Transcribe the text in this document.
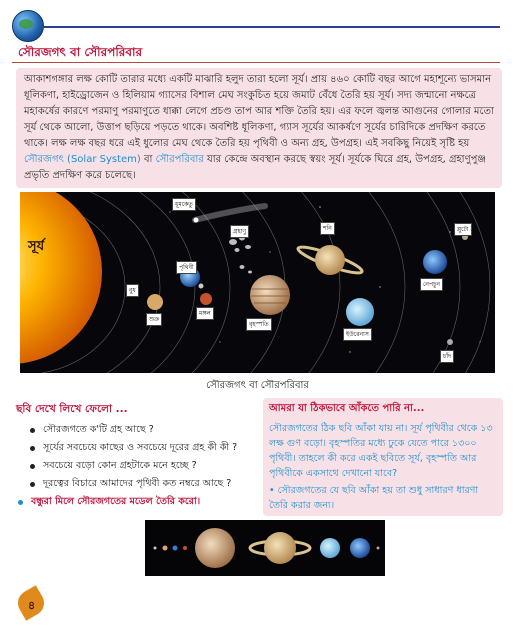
সৌরজগৎ বা সৌরপরিবার

আকাশগঙ্গার লক্ষ কোটি তারার মধ্যে একটি মাঝারি হলুদ তারা হলো সূর্য। প্রায় ৪৬০ কোটি বছর আগে মহাশূন্যে ভাসমান ধূলিকণা, হাইড্রোজেন ও হিলিয়াম গ্যাসের বিশাল মেঘ সংকুচিত হয়ে জমাট বেঁধে তৈরি হয় সূর্য। সদ্য জন্মানো নক্ষত্রে মহাকর্ষের কারণে পরমাণু পরমাণুতে ধাক্কা লেগে প্রচণ্ড তাপ আর শক্তি তৈরি হয়। এর ফলে জ্বলন্ত আগুনের গোলার মতো সূর্য থেকে আলো, উত্তাপ ছড়িয়ে পড়তে থাকে। অবশিষ্ট ধূলিকণা, গ্যাস সূর্যের আকর্ষণে সূর্যের চারিদিকে প্রদক্ষিণ করতে থাকে। লক্ষ লক্ষ বছর ধরে এই ধুলোর মেঘ থেকে তৈরি হয় পৃথিবী ও অন্য গ্রহ, উপগ্রহ। এই সবকিছু নিয়েই সৃষ্টি হয় সৌরজগৎ (Solar System) বা সৌরপরিবার যার কেন্দ্রে অবস্থান করছে স্বয়ং সূর্য। সূর্যকে ঘিরে গ্রহ, উপগ্রহ, গ্রহাণুপুঞ্জ প্রভৃতি প্রদক্ষিণ করে চলেছে।

সূর্য
ধূমকেতু
গ্রহাণু
বুধ
শুক্র
পৃথিবী
মঙ্গল
বৃহস্পতি
শনি
ইউরেনাস
নেপচুন
প্লুটো
চাঁদ
সৌরজগৎ বা সৌরপরিবার
ছবি দেখে লিখে ফেলো ...
সৌরজগতে ক'টি গ্রহ আছে ?
সূর্যের সবচেয়ে কাছের ও সবচেয়ে দূরের গ্রহ কী কী ?
সবচেয়ে বড়ো কোন গ্রহটাকে মনে হচ্ছে ?
দূরত্বের বিচারে আমাদের পৃথিবী কত নম্বরে আছে ?
বন্ধুরা মিলে সৌরজগতের মডেল তৈরি করো।
আমরা যা ঠিকভাবে আঁকতে পারি না...
সৌরজগতের ঠিক ছবি আঁকা যায় না। সূর্য পৃথিবীর থেকে ১৩ লক্ষ গুণ বড়ো। বৃহস্পতির মধ্যে ঢুকে যেতে পারে ১৩০০ পৃথিবী। তাহলে কী করে একই ছবিতে সূর্য, বৃহস্পতি আর পৃথিবীকে একসাথে দেখানো যাবে?
• সৌরজগতের যে ছবি আঁকা হয় তা শুধু সাধারণ ধারণা তৈরি করার জন্য।
৪
